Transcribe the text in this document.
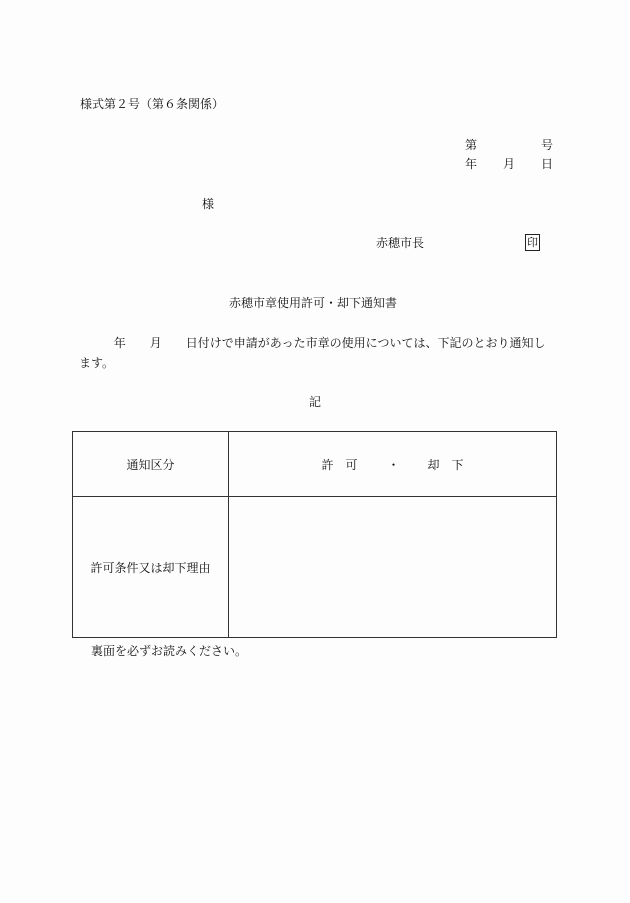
様式第２号（第６条関係）
第	号
年 月 日
様
赤穂市長	印
赤穂市章使用許可・却下通知書
年　　月　　日付けで申請があった市章の使用については、下記のとおり通知します。
記
通知区分	許　可	・ 却　下
許可条件又は却下理由
裏面を必ずお読みください。
